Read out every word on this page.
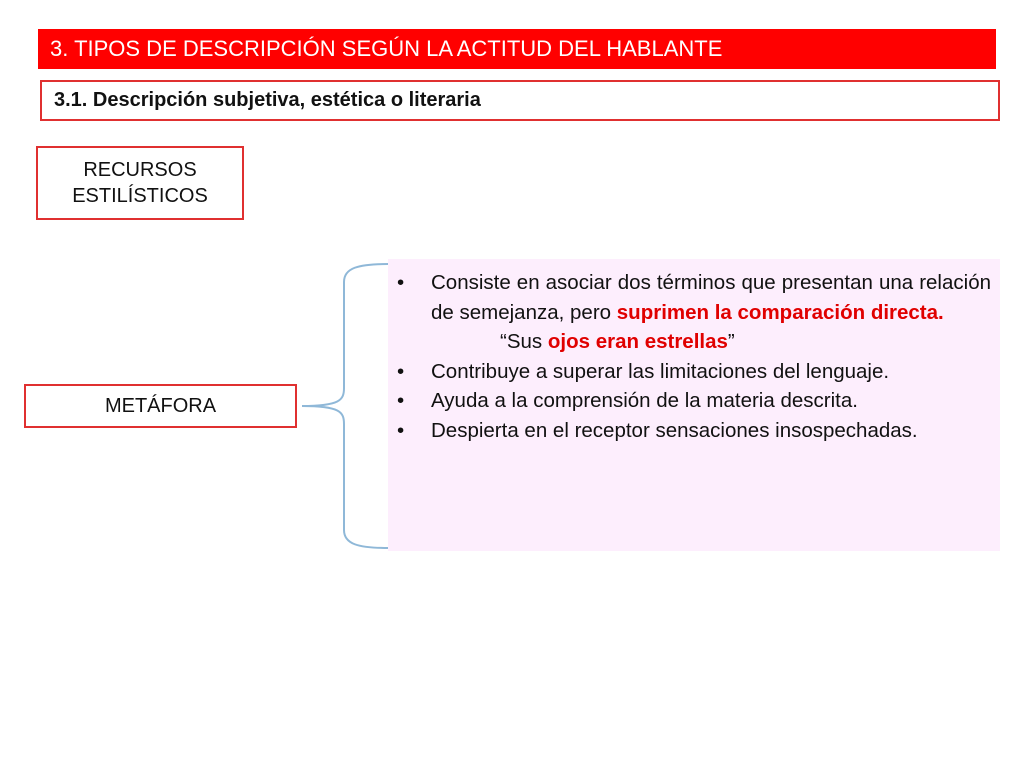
3. TIPOS DE DESCRIPCIÓN SEGÚN LA ACTITUD DEL HABLANTE
3.1. Descripción subjetiva, estética o literaria
RECURSOS
ESTILÍSTICOS
METÁFORA
• Consiste en asociar dos términos que presentan una relación de semejanza, pero suprimen la comparación directa.
“Sus ojos eran estrellas”
• Contribuye a superar las limitaciones del lenguaje.
• Ayuda a la comprensión de la materia descrita.
• Despierta en el receptor sensaciones insospechadas.
